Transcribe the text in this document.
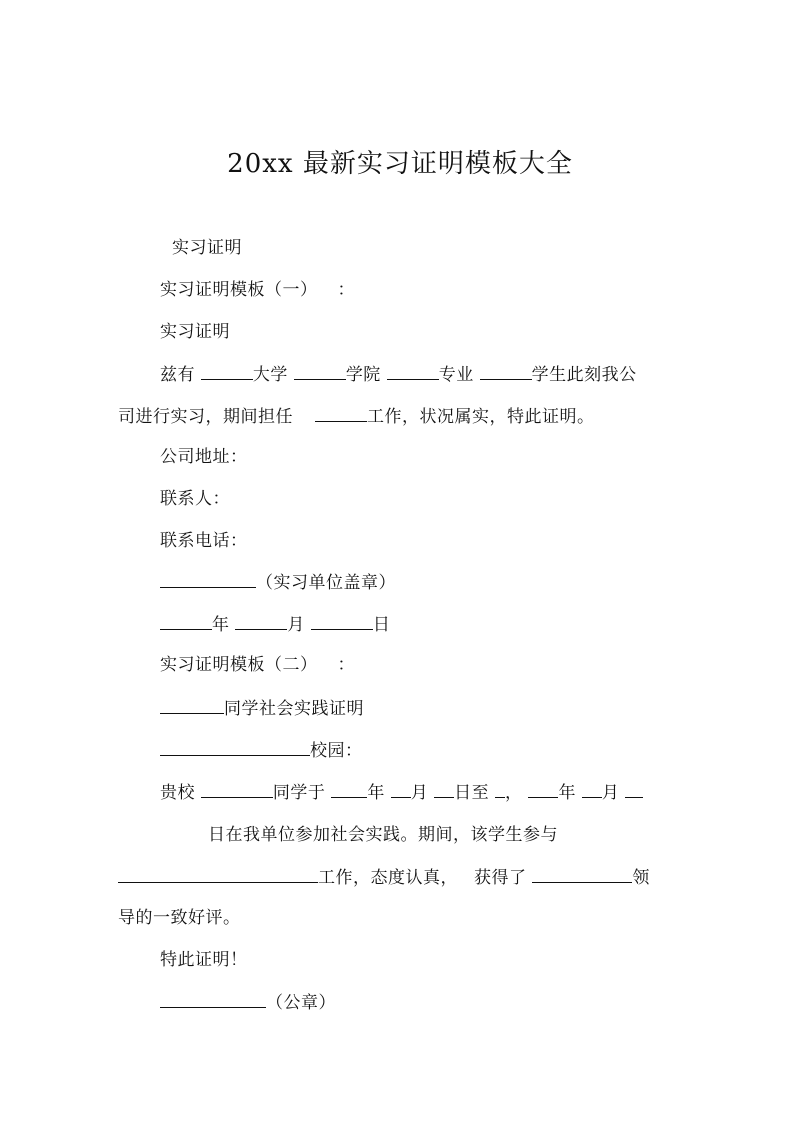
20xx 最新实习证明模板大全
实习证明
实习证明模板（一） ：
实习证明
兹有	大学	学院	专业	学生此刻我公
司进行实习，期间担任	工作，状况属实，特此证明。
公司地址：
联系人：
联系电话：
（实习单位盖章）
年	月	日
实习证明模板（二） ：
同学社会实践证明
校园：
贵校	同学于 年 月 日至 ， 年 月
日在我单位参加社会实践。期间，该学生参与
工作，态度认真， 获得了	领
导的一致好评。
特此证明！
（公章）
